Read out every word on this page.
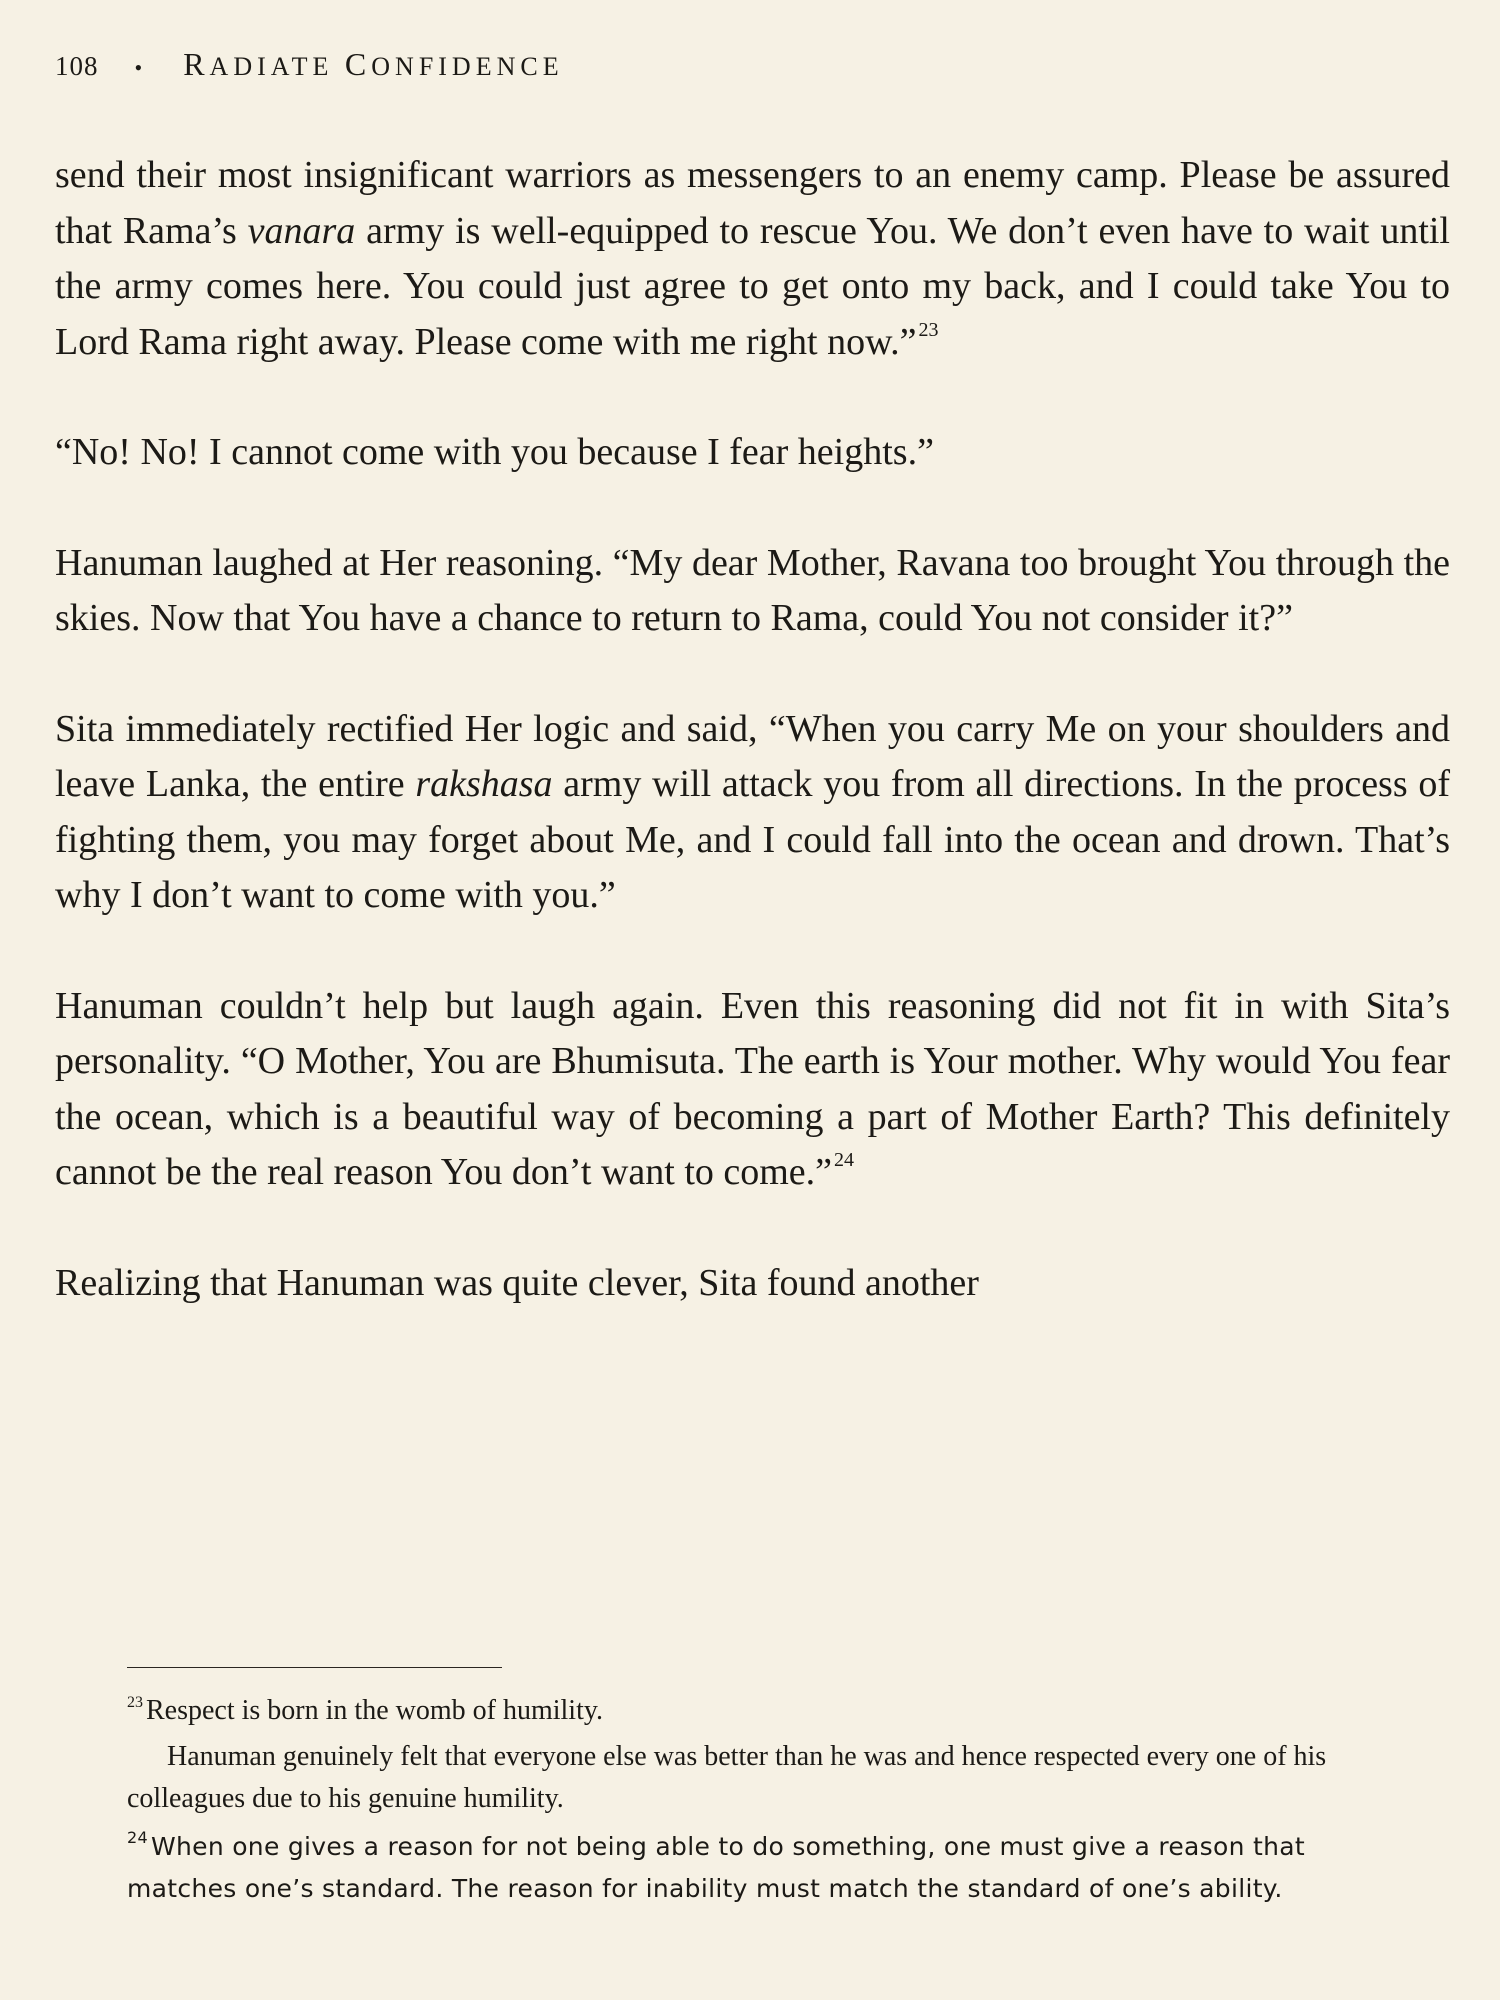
108 • RADIATE CONFIDENCE

send their most insignificant warriors as messengers to an enemy camp. Please be assured that Rama’s vanara army is well-equipped to rescue You. We don’t even have to wait until the army comes here. You could just agree to get onto my back, and I could take You to Lord Rama right away. Please come with me right now.” $^{23}$

“No! No! I cannot come with you because I fear heights.”

Hanuman laughed at Her reasoning. “My dear Mother, Ravana too brought You through the skies. Now that You have a chance to return to Rama, could You not consider it?”

Sita immediately rectified Her logic and said, “When you carry Me on your shoulders and leave Lanka, the entire rakshasa army will attack you from all directions. In the process of fighting them, you may forget about Me, and I could fall into the ocean and drown. That’s why I don’t want to come with you.”

Hanuman couldn’t help but laugh again. Even this reasoning did not fit in with Sita’s personality. “O Mother, You are Bhumisuta. The earth is Your mother. Why would You fear the ocean, which is a beautiful way of becoming a part of Mother Earth? This definitely cannot be the real reason You don’t want to come.” $^{24}$

Realizing that Hanuman was quite clever, Sita found another

$^{23}$ Respect is born in the womb of humility.

Hanuman genuinely felt that everyone else was better than he was and hence respected every one of his colleagues due to his genuine humility.

$^{24}$ When one gives a reason for not being able to do something, one must give a reason that matches one’s standard. The reason for inability must match the standard of one’s ability.
